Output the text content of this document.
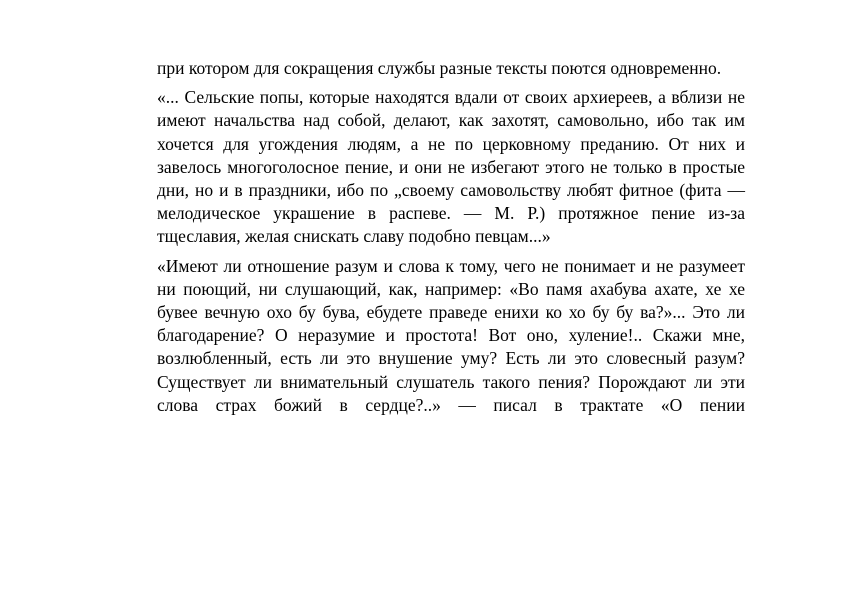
при котором для сокращения службы разные тексты поются одновременно.

«... Сельские попы, которые находятся вдали от своих архиереев, а вблизи не имеют начальства над собой, делают, как захотят, самовольно, ибо так им хочется для угождения людям, а не по церковному преданию. От них и завелось многоголосное пение, и они не избегают этого не только в простые дни, но и в праздники, ибо по „своему самовольству любят фитное (фита — мелодическое украшение в распеве. — М. Р.) протяжное пение из-за тщеславия, желая снискать славу подобно певцам...»

«Имеют ли отношение разум и слова к тому, чего не понимает и не разумеет ни поющий, ни слушающий, как, например: «Во памя ахабува ахате, хе хе бувее вечную охо бу бува, ебудете праведе енихи ко хо бу бу ва?»... Это ли благодарение? О неразумие и простота! Вот оно, хуление!.. Скажи мне, возлюбленный, есть ли это внушение уму? Есть ли это словесный разум? Существует ли внимательный слушатель такого пения? Порождают ли эти слова страх божий в сердце?..» — писал в трактате «О пении
